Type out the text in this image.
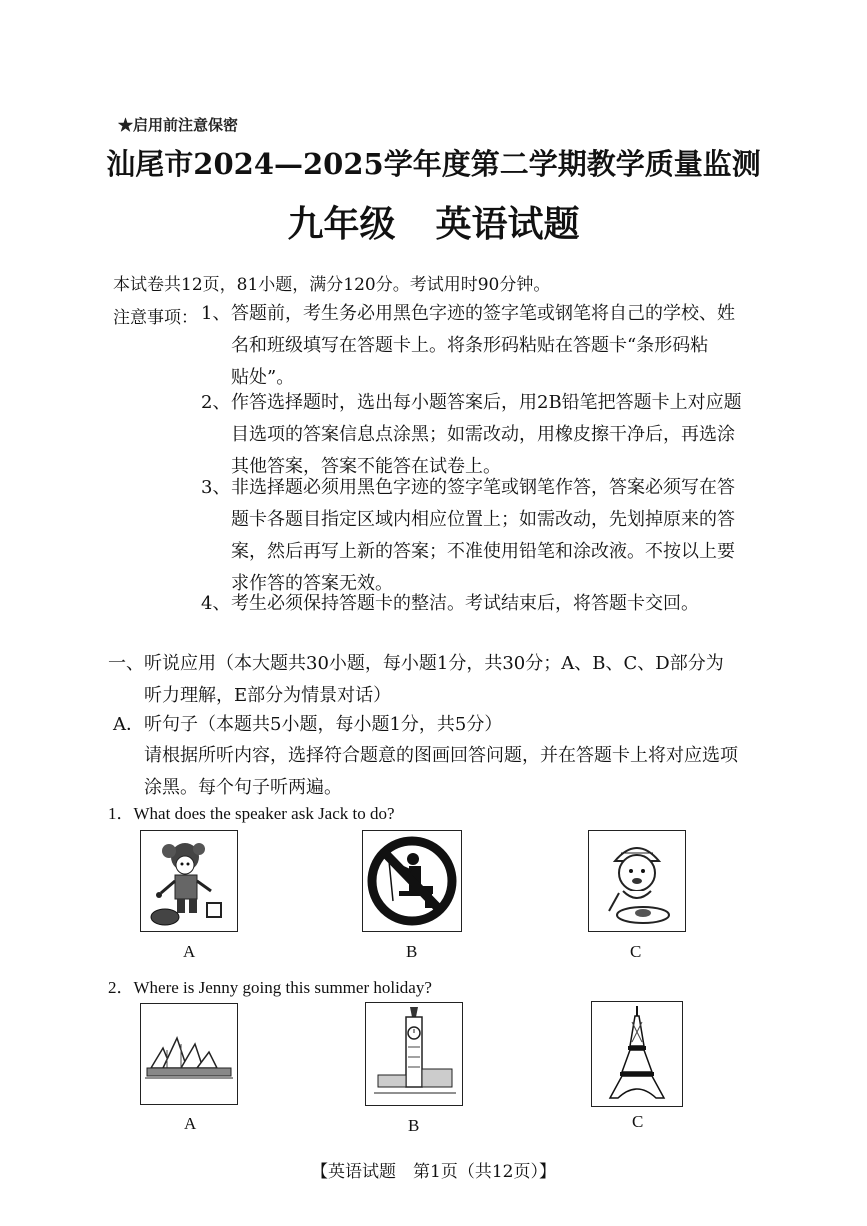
★启用前注意保密
汕尾市2024—2025学年度第二学期教学质量监测
九年级 英语试题
本试卷共12页，81小题，满分120分。考试用时90分钟。
注意事项： 1、 答题前，考生务必用黑色字迹的签字笔或钢笔将自己的学校、姓
名和班级填写在答题卡上。将条形码粘贴在答题卡“条形码粘
贴处”。
2、 作答选择题时，选出每小题答案后，用2B铅笔把答题卡上对应题
目选项的答案信息点涂黑；如需改动，用橡皮擦干净后，再选涂
其他答案，答案不能答在试卷上。
3、 非选择题必须用黑色字迹的签字笔或钢笔作答，答案必须写在答
题卡各题目指定区域内相应位置上；如需改动，先划掉原来的答
案，然后再写上新的答案；不准使用铅笔和涂改液。不按以上要
求作答的答案无效。
4、 考生必须保持答题卡的整洁。考试结束后，将答题卡交回。
一、听说应用（本大题共30小题，每小题1分，共30分；A、B、C、D部分为
听力理解，E部分为情景对话）
A．听句子（本题共5小题，每小题1分，共5分）
请根据所听内容，选择符合题意的图画回答问题，并在答题卡上将对应选项
涂黑。每个句子听两遍。
1．What does the speaker ask Jack to do?
A	B	C
2．Where is Jenny going this summer holiday?
A	B	C
【英语试题　第1页（共12页）】
